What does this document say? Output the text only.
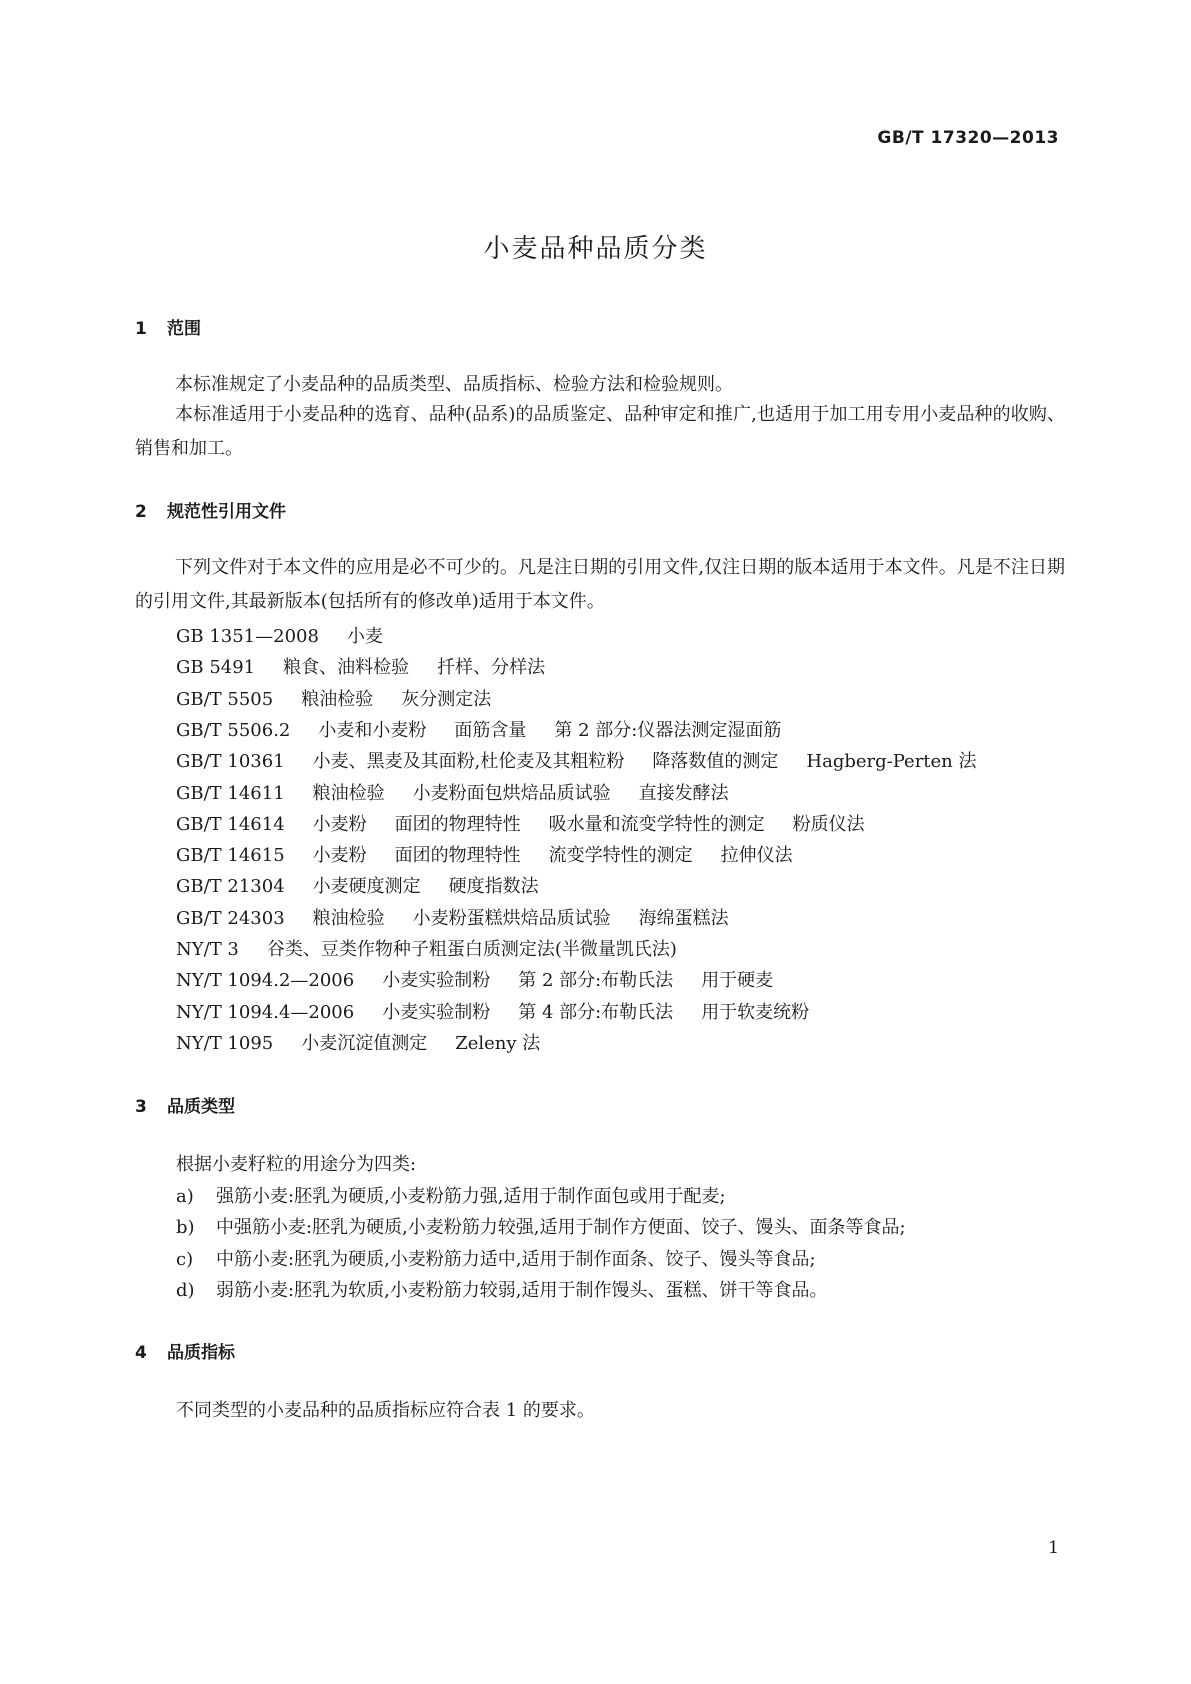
GB/T 17320—2013
小麦品种品质分类
1 范围

本标准规定了小麦品种的品质类型、品质指标、检验方法和检验规则。

本标准适用于小麦品种的选育、品种(品系)的品质鉴定、品种审定和推广,也适用于加工用专用小麦品种的收购、销售和加工。

2 规范性引用文件

下列文件对于本文件的应用是必不可少的。凡是注日期的引用文件,仅注日期的版本适用于本文件。凡是不注日期的引用文件,其最新版本(包括所有的修改单)适用于本文件。

GB 1351—2008 小麦

GB 5491 粮食、油料检验 扦样、分样法

GB/T 5505 粮油检验 灰分测定法

GB/T 5506.2 小麦和小麦粉 面筋含量 第 2 部分:仪器法测定湿面筋

GB/T 10361 小麦、黑麦及其面粉,杜伦麦及其粗粒粉 降落数值的测定 Hagberg-Perten 法

GB/T 14611 粮油检验 小麦粉面包烘焙品质试验 直接发酵法

GB/T 14614 小麦粉 面团的物理特性 吸水量和流变学特性的测定 粉质仪法

GB/T 14615 小麦粉 面团的物理特性 流变学特性的测定 拉伸仪法

GB/T 21304 小麦硬度测定 硬度指数法

GB/T 24303 粮油检验 小麦粉蛋糕烘焙品质试验 海绵蛋糕法

NY/T 3 谷类、豆类作物种子粗蛋白质测定法(半微量凯氏法)

NY/T 1094.2—2006 小麦实验制粉 第 2 部分:布勒氏法 用于硬麦

NY/T 1094.4—2006 小麦实验制粉 第 4 部分:布勒氏法 用于软麦统粉

NY/T 1095 小麦沉淀值测定 Zeleny 法

3 品质类型

根据小麦籽粒的用途分为四类:

a) 强筋小麦:胚乳为硬质,小麦粉筋力强,适用于制作面包或用于配麦;

b) 中强筋小麦:胚乳为硬质,小麦粉筋力较强,适用于制作方便面、饺子、馒头、面条等食品;

c) 中筋小麦:胚乳为硬质,小麦粉筋力适中,适用于制作面条、饺子、馒头等食品;

d) 弱筋小麦:胚乳为软质,小麦粉筋力较弱,适用于制作馒头、蛋糕、饼干等食品。

4 品质指标

不同类型的小麦品种的品质指标应符合表 1 的要求。

1
